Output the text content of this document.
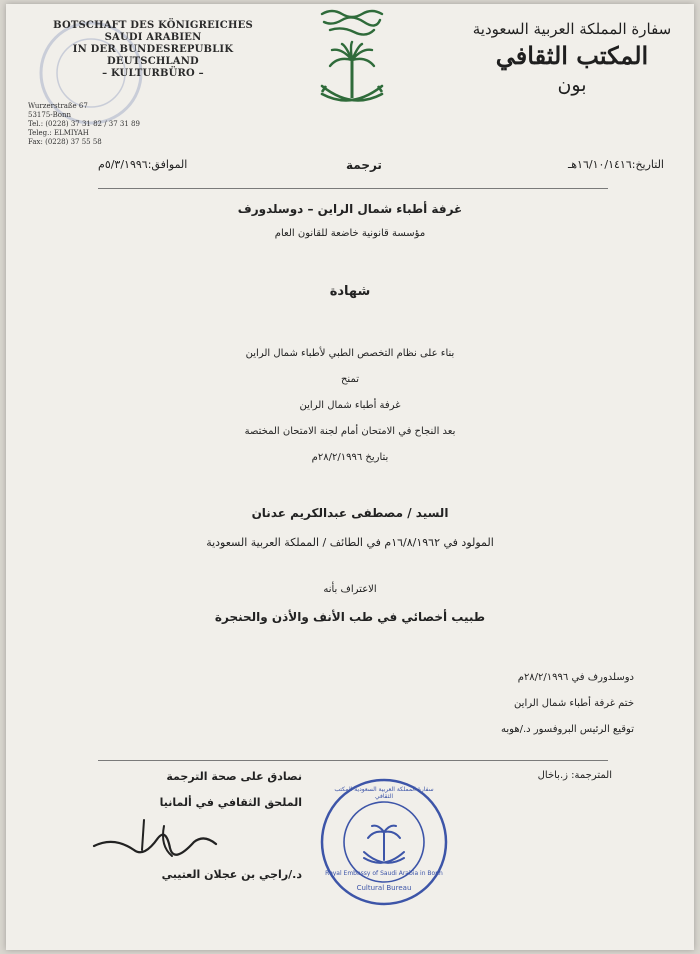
BOTSCHAFT DES KÖNIGREICHES
SAUDI ARABIEN
IN DER BUNDESREPUBLIK
DEUTSCHLAND
– KULTURBÜRO –
Wurzerstraße 67
53175-Bonn
Tel.: (0228) 37 31 82 / 37 31 89
Teleg.: ELMIYAH
Fax: (0228) 37 55 58
سفارة المملكة العربية السعودية
المكتب الثقافي
بون
التاريخ:١٦/١٠/١٤١٦هـ
ترجمة
الموافق:٥/٣/١٩٩٦م
غرفة أطباء شمال الراين – دوسلدورف
مؤسسة قانونية خاضعة للقانون العام
شهادة
بناء على نظام التخصص الطبي لأطباء شمال الراين
تمنح
غرفة أطباء شمال الراين
بعد النجاح في الامتحان أمام لجنة الامتحان المختصة
بتاريخ ٢٨/٢/١٩٩٦م
السيد / مصطفى عبدالكريم عدنان
المولود في ١٦/٨/١٩٦٢م في الطائف / المملكة العربية السعودية
الاعتراف بأنه
طبيب أخصائي في طب الأنف والأذن والحنجرة
دوسلدورف في ٢٨/٢/١٩٩٦م
ختم غرفة أطباء شمال الراين
توقيع الرئيس البروفسور د./هوبه
المترجمة: ز.باخال
نصادق على صحة الترجمة
الملحق الثقافي في ألمانيا
د./راجي بن عجلان العتيبي
سفارة المملكة العربية السعودية المكتب الثقافي
Royal Embassy of Saudi Arabia in Bonn
Cultural Bureau
